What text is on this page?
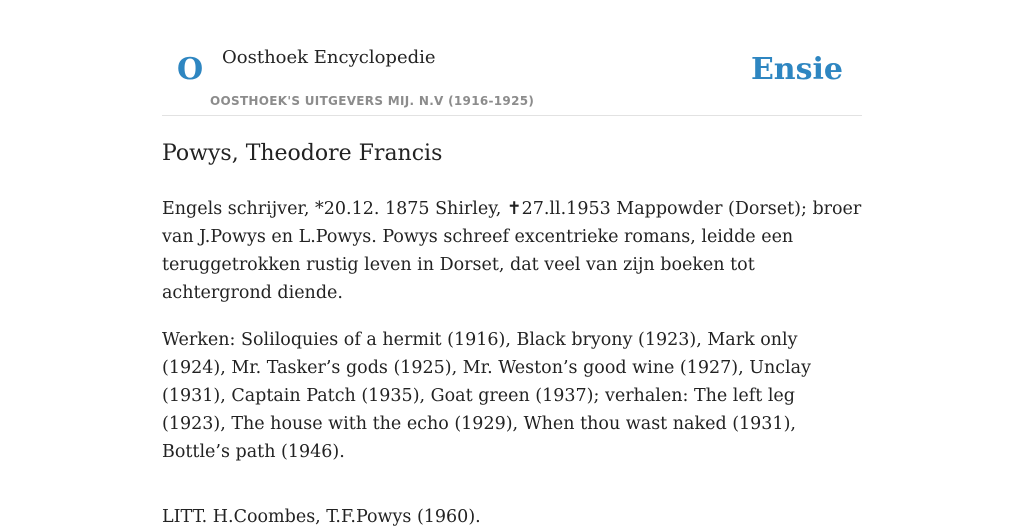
O Oosthoek Encyclopedie
OOSTHOEK'S UITGEVERS MIJ. N.V (1916-1925)
Ensie
Powys, Theodore Francis

Engels schrijver, *20.12. 1875 Shirley, ✝27.ll.1953 Mappowder (Dorset); broer van J.Powys en L.Powys. Powys schreef excentrieke romans, leidde een teruggetrokken rustig leven in Dorset, dat veel van zijn boeken tot achtergrond diende.

Werken: Soliloquies of a hermit (1916), Black bryony (1923), Mark only (1924), Mr. Tasker’s gods (1925), Mr. Weston’s good wine (1927), Unclay (1931), Captain Patch (1935), Goat green (1937); verhalen: The left leg (1923), The house with the echo (1929), When thou wast naked (1931), Bottle’s path (1946).

LITT. H.Coombes, T.F.Powys (1960).
